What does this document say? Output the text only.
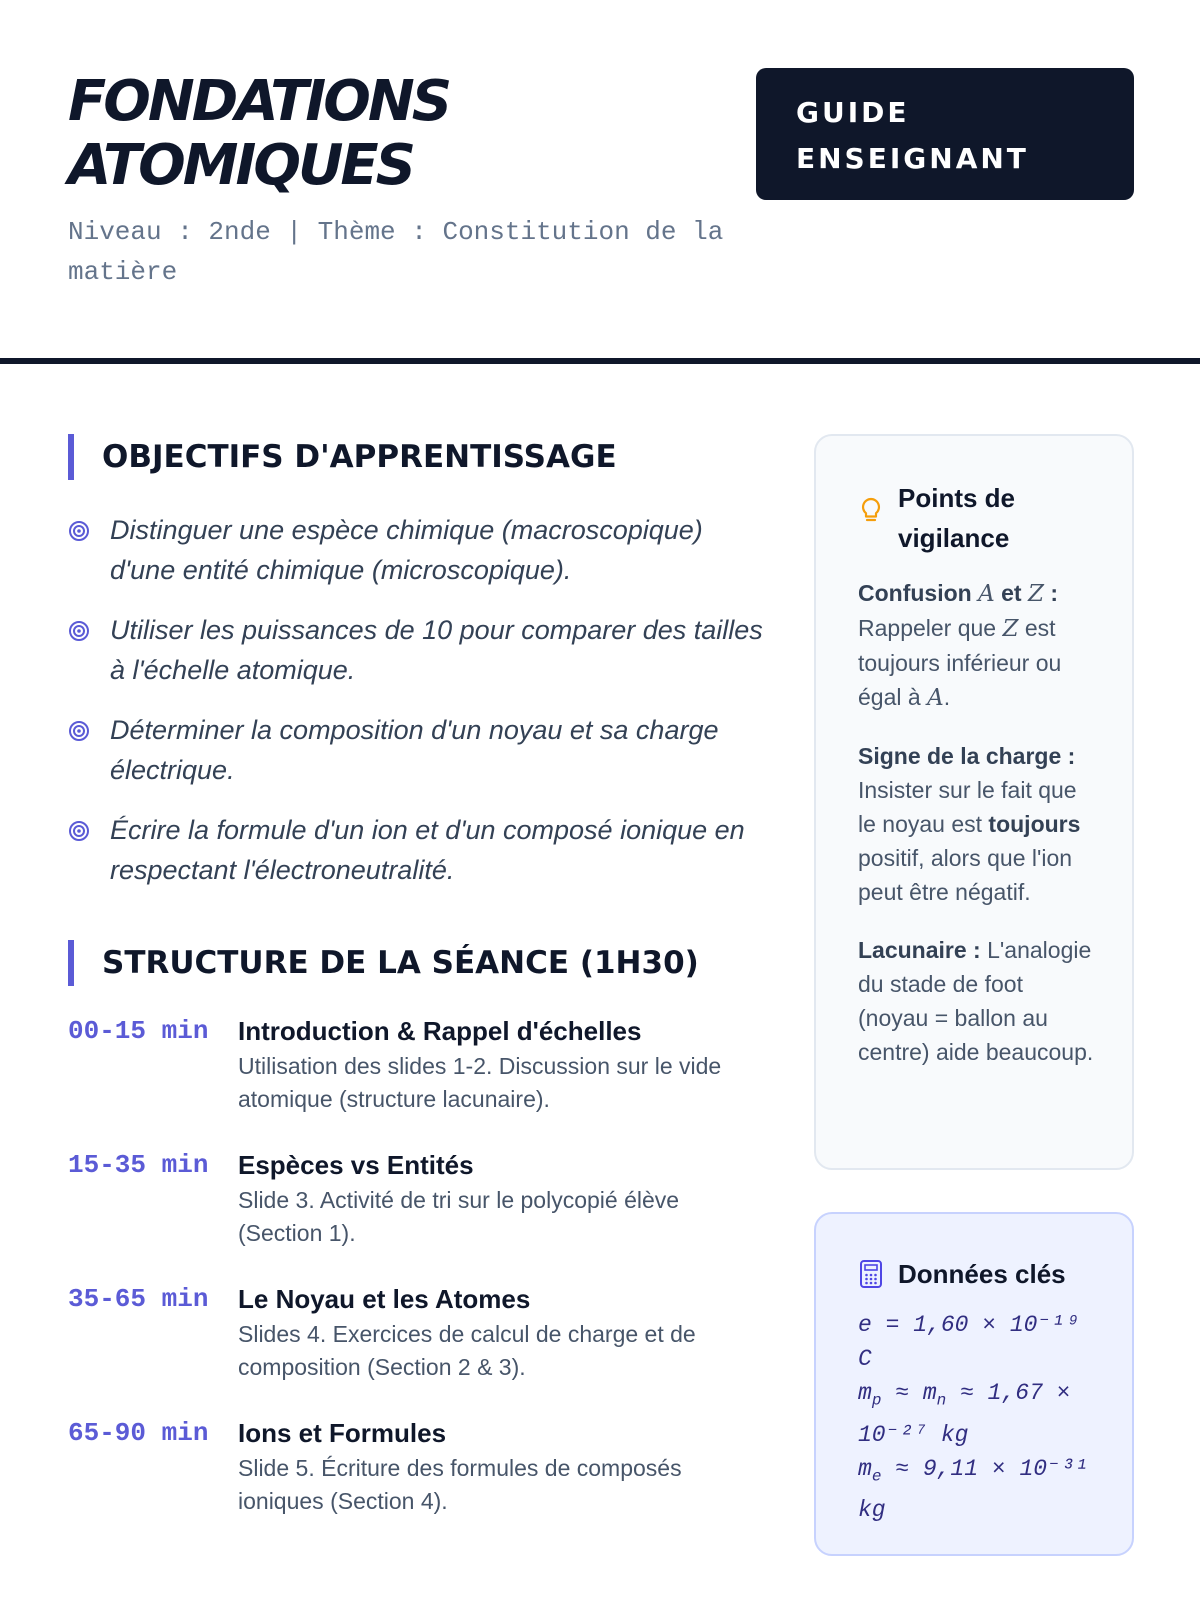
FONDATIONS
ATOMIQUES
Niveau : 2nde | Thème : Constitution de la matière
GUIDE
ENSEIGNANT
OBJECTIFS D'APPRENTISSAGE
Distinguer une espèce chimique (macroscopique) d'une entité chimique (microscopique).
Utiliser les puissances de 10 pour comparer des tailles à l'échelle atomique.
Déterminer la composition d'un noyau et sa charge électrique.
Écrire la formule d'un ion et d'un composé ionique en respectant l'électroneutralité.
STRUCTURE DE LA SÉANCE (1H30)
00-15 min	Introduction & Rappel d'échelles
Utilisation des slides 1-2. Discussion sur le vide atomique (structure lacunaire).
15-35 min	Espèces vs Entités
Slide 3. Activité de tri sur le polycopié élève (Section 1).
35-65 min	Le Noyau et les Atomes
Slides 4. Exercices de calcul de charge et de composition (Section 2 & 3).
65-90 min	Ions et Formules
Slide 5. Écriture des formules de composés ioniques (Section 4).
Points de vigilance
Confusion A et Z : Rappeler que Z est toujours inférieur ou égal à A.
Signe de la charge : Insister sur le fait que le noyau est toujours positif, alors que l'ion peut être négatif.
Lacunaire : L'analogie du stade de foot (noyau = ballon au centre) aide beaucoup.
Données clés
e = 1,60 × 10⁻¹⁹ C
$m_p \approx m_n \approx 1,67 \times 10^{-27}$ kg
$m_e \approx 9,11 \times 10^{-31}$ kg
